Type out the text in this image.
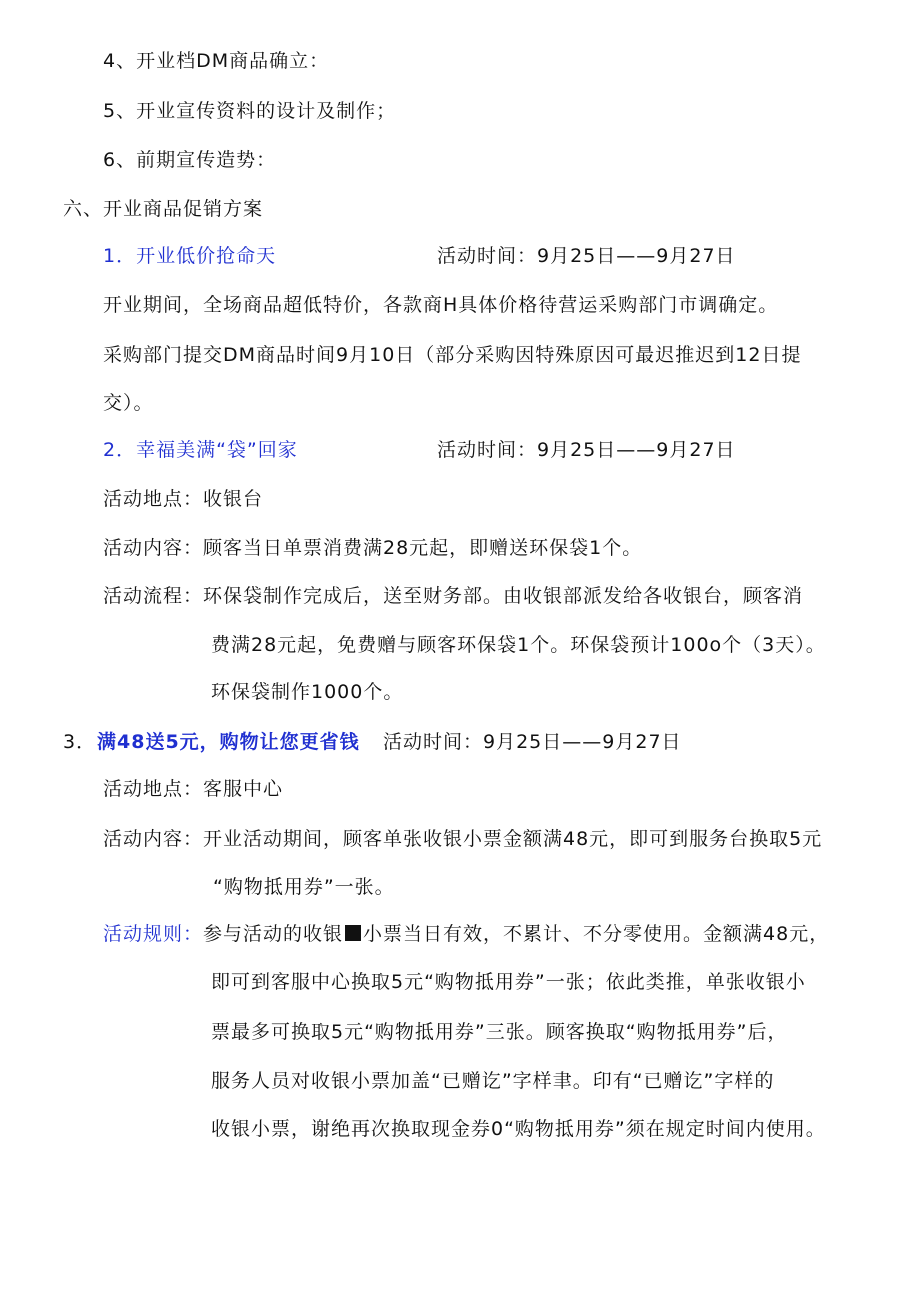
4、开业档DM商品确立：
5、开业宣传资料的设计及制作；
6、前期宣传造势：
六、开业商品促销方案
1．开业低价抢命天	活动时间：9月25日——9月27日
开业期间，全场商品超低特价，各款商H具体价格待营运采购部门市调确定。
采购部门提交DM商品时间9月10日（部分采购因特殊原因可最迟推迟到12日提
交）。
2．幸福美满“袋”回家	活动时间：9月25日——9月27日
活动地点：收银台
活动内容：顾客当日单票消费满28元起，即赠送环保袋1个。
活动流程：环保袋制作完成后，送至财务部。由收银部派发给各收银台，顾客消
费满28元起，免费赠与顾客环保袋1个。环保袋预计100o个（3天）。
环保袋制作1000个。
3． 满48送5元，购物让您更省钱 活动时间：9月25日——9月27日
活动地点：客服中心
活动内容：开业活动期间，顾客单张收银小票金额满48元，即可到服务台换取5元
“购物抵用券”一张。
活动规则：参与活动的收银 小票当日有效，不累计、不分零使用。金额满48元，
即可到客服中心换取5元“购物抵用券”一张；依此类推，单张收银小
票最多可换取5元“购物抵用券”三张。顾客换取“购物抵用券”后，
服务人员对收银小票加盖“已赠讫”字样聿。印有“已赠讫”字样的
收银小票，谢绝再次换取现金券0“购物抵用券”须在规定时间内使用。
